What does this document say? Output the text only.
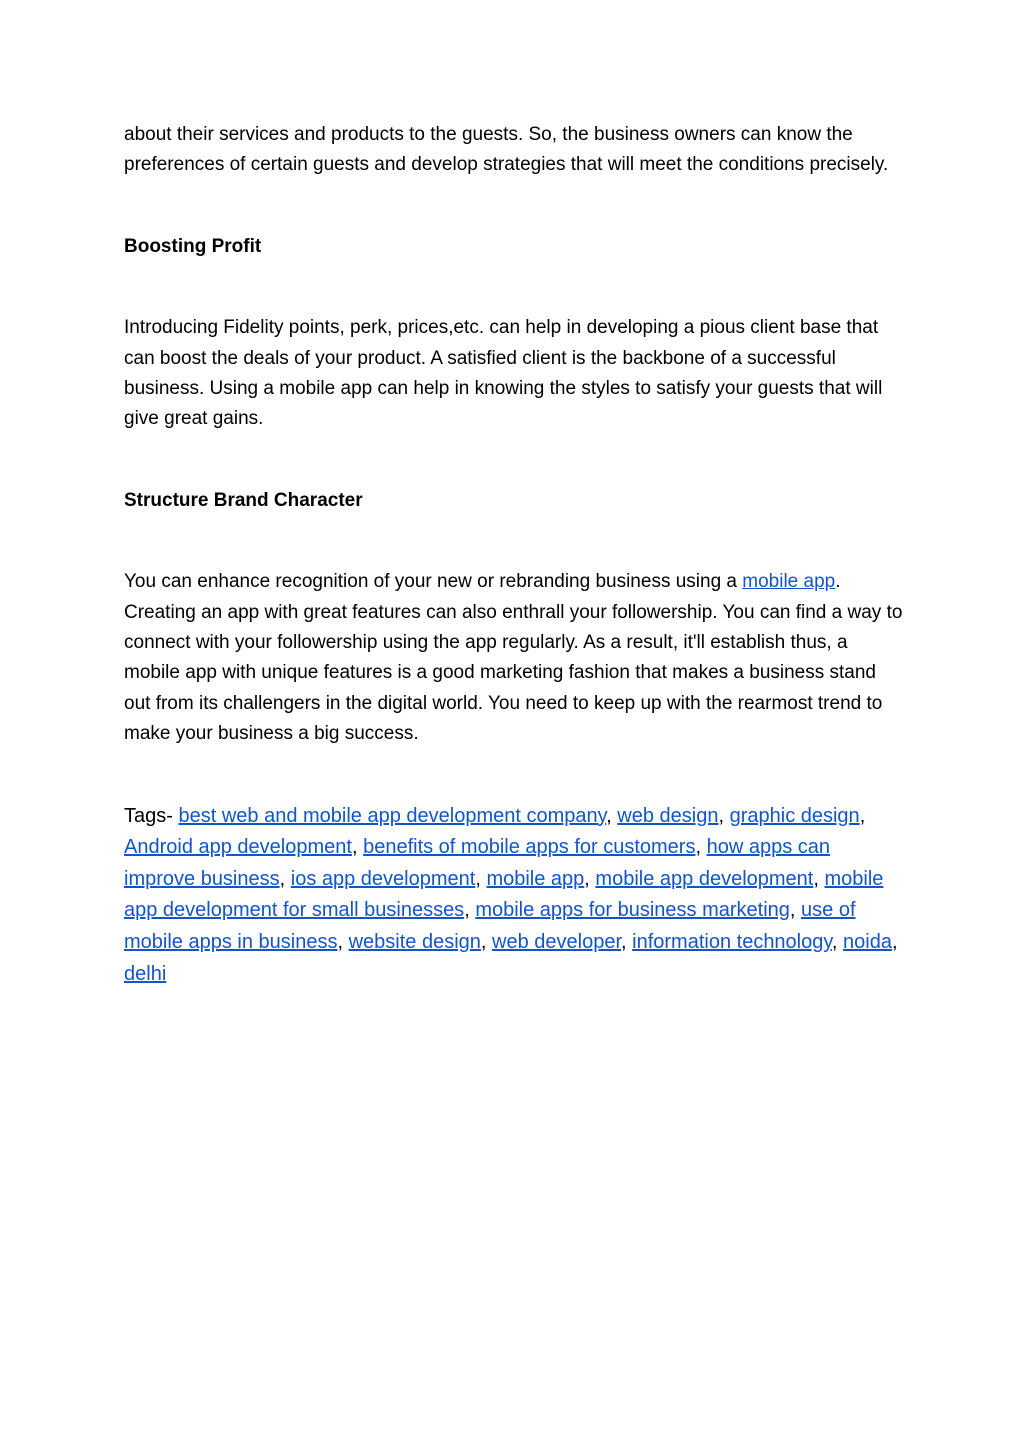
about their services and products to the guests. So, the business owners can know the preferences of certain guests and develop strategies that will meet the conditions precisely.

Boosting Profit

Introducing Fidelity points, perk, prices,etc. can help in developing a pious client base that can boost the deals of your product. A satisfied client is the backbone of a successful business. Using a mobile app can help in knowing the styles to satisfy your guests that will give great gains.

Structure Brand Character

You can enhance recognition of your new or rebranding business using a mobile app. Creating an app with great features can also enthrall your followership. You can find a way to connect with your followership using the app regularly. As a result, it'll establish thus, a mobile app with unique features is a good marketing fashion that makes a business stand out from its challengers in the digital world. You need to keep up with the rearmost trend to make your business a big success.

Tags- best web and mobile app development company, web design, graphic design, Android app development, benefits of mobile apps for customers, how apps can improve business, ios app development, mobile app, mobile app development, mobile app development for small businesses, mobile apps for business marketing, use of mobile apps in business, website design, web developer, information technology, noida, delhi
